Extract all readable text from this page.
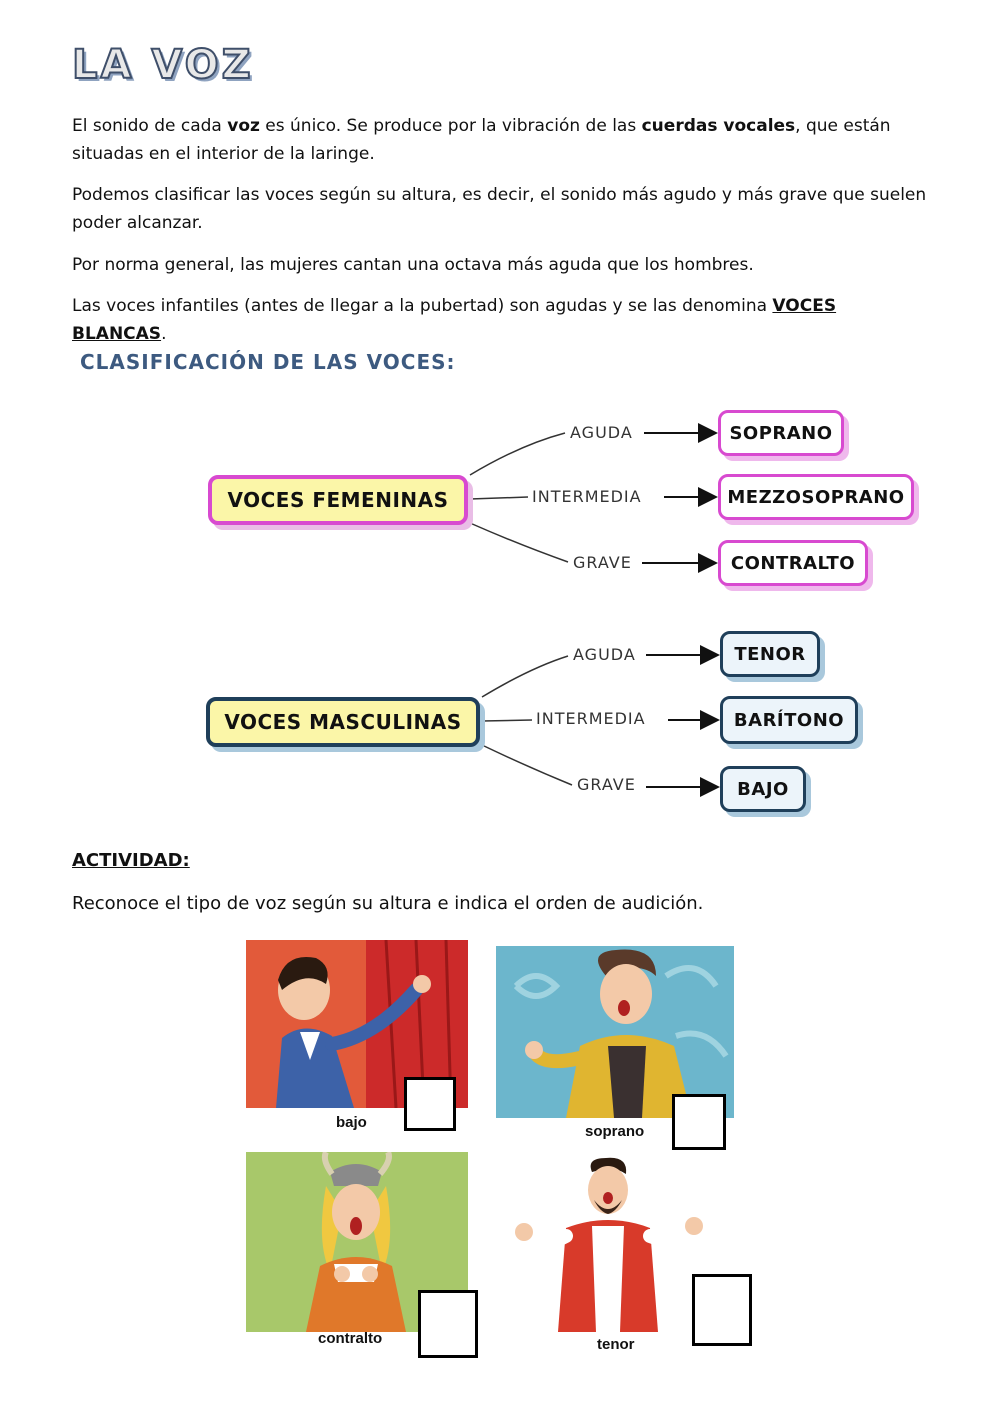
LA VOZ

El sonido de cada voz es único. Se produce por la vibración de las cuerdas vocales, que están situadas en el interior de la laringe.

Podemos clasificar las voces según su altura, es decir, el sonido más agudo y más grave que suelen poder alcanzar.

Por norma general, las mujeres cantan una octava más aguda que los hombres.

Las voces infantiles (antes de llegar a la pubertad) son agudas y se las denomina VOCES BLANCAS.

CLASIFICACIÓN DE LAS VOCES:
VOCES FEMENINAS
AGUDA
INTERMEDIA
GRAVE
SOPRANO
MEZZOSOPRANO
CONTRALTO
VOCES MASCULINAS
AGUDA
INTERMEDIA
GRAVE
TENOR
BARÍTONO
BAJO
ACTIVIDAD:

Reconoce el tipo de voz según su altura e indica el orden de audición.

bajo
soprano
contralto	tenor
